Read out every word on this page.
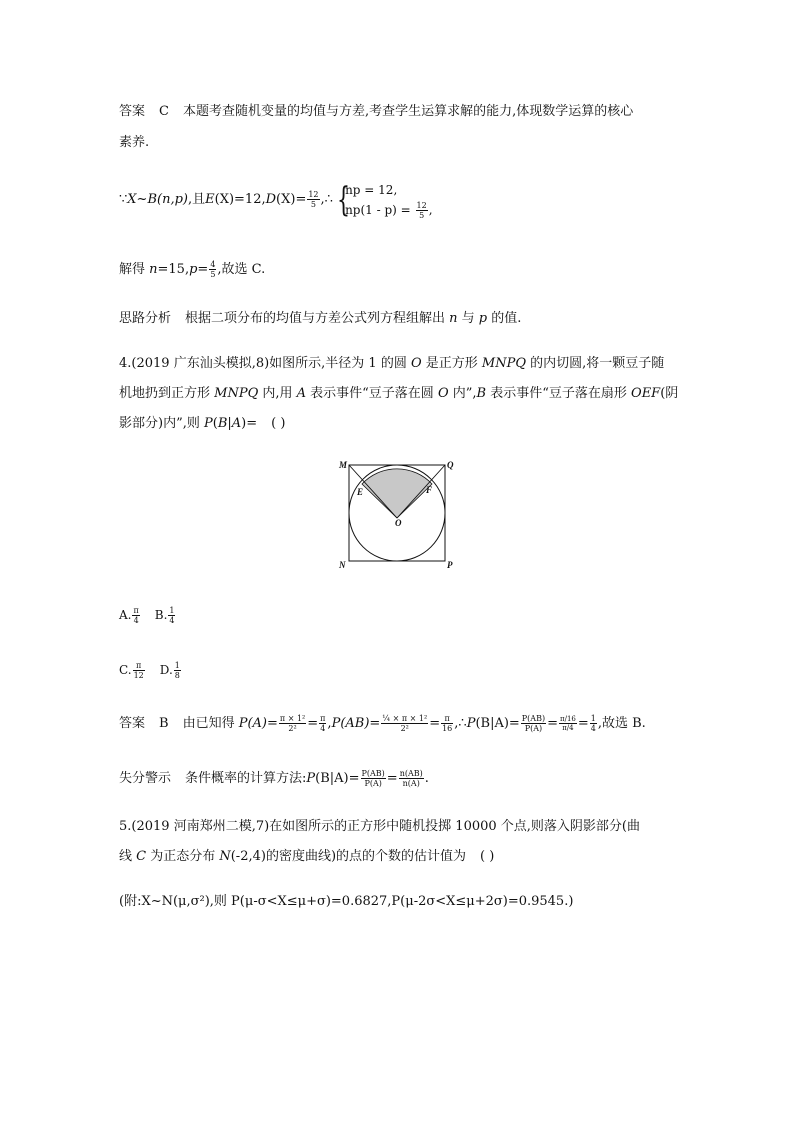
答案 C 本题考查随机变量的均值与方差,考查学生运算求解的能力,体现数学运算的核心
素养.
∵X~B(n,p),且$E(X)=12,D(X)= \frac{12}{5}$ ,∴ {
np = 12,
$np(1 - p) = \frac{12}{5}$ ,
解得 $n=15,p= \frac{4}{5}$ ,故选 C.
思路分析 根据二项分布的均值与方差公式列方程组解出 n 与 p 的值.
4.(2019 广东汕头模拟,8)如图所示,半径为 1 的圆 O 是正方形 MNPQ 的内切圆,将一颗豆子随
机地扔到正方形 MNPQ 内,用 A 表示事件“豆子落在圆 O 内”,B 表示事件“豆子落在扇形 OEF(阴
影部分)内”,则 P(B|A)= ( )
M	Q
N	P
E	F
O
A. $\frac{\pi}{4} B$. $\frac{1}{4}$
C. $\frac{\pi}{12} D$. $\frac{1}{8}$
答案 B 由已知得 $P(A)= \frac{\text{π × 1²}}{\text{2²}} = \frac{\pi}{4} ,P(AB)= \frac{\text{¼ × π × 1²}}{\text{2²}} = \frac{\pi}{16}$ ,∴P(B|A)= $\frac{P(AB)}{P(A)} = \frac{\pi/16}{\pi/4} = \frac{1}{4}$ ,故选 B.
失分警示 条件概率的计算方法:P(B|A)= $\frac{P(AB)}{P(A)} = \frac{n(AB)}{n(A)}$ .
5.(2019 河南郑州二模,7)在如图所示的正方形中随机投掷 10000 个点,则落入阴影部分(曲
线 C 为正态分布 N(-2,4)的密度曲线)的点的个数的估计值为 ( )
(附:X~N(μ,σ²),则 P(μ-σ<X≤μ+σ)=0.6827,P(μ-2σ<X≤μ+2σ)=0.9545.)
